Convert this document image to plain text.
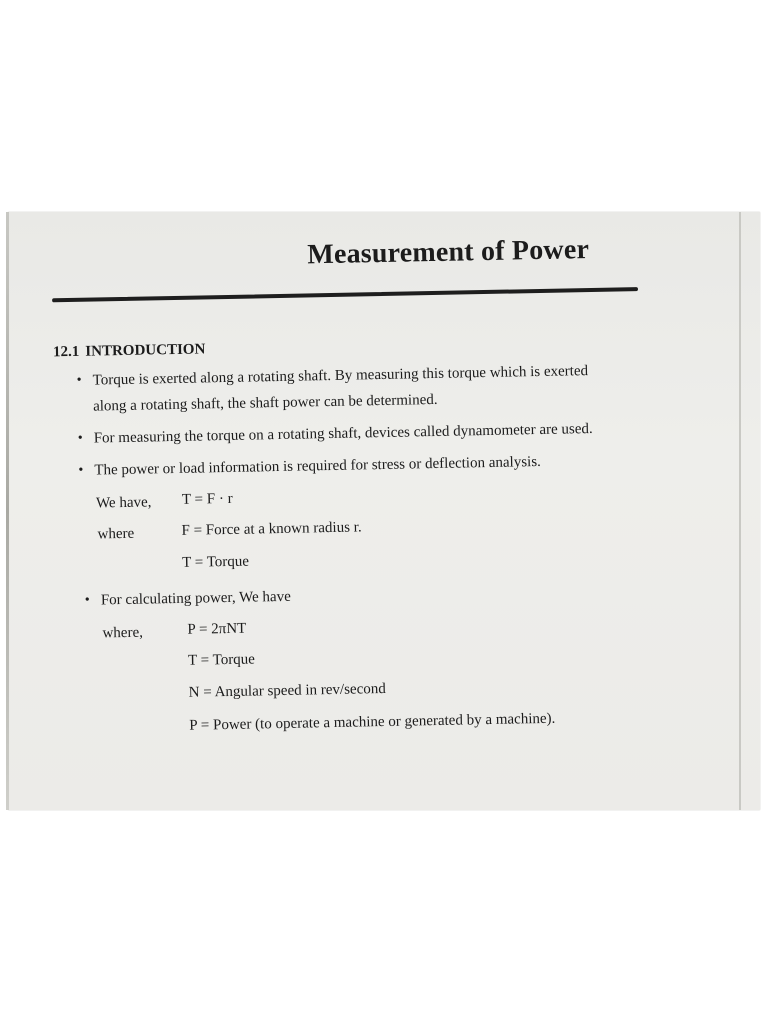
Measurement of Power
12.1 INTRODUCTION
• Torque is exerted along a rotating shaft. By measuring this torque which is exerted
along a rotating shaft, the shaft power can be determined.
• For measuring the torque on a rotating shaft, devices called dynamometer are used.
• The power or load information is required for stress or deflection analysis.
We have, T = F · r
where	F = Force at a known radius r.
T = Torque
• For calculating power, We have
where,	P = 2πNT
T = Torque
N = Angular speed in rev/second
P = Power (to operate a machine or generated by a machine).
